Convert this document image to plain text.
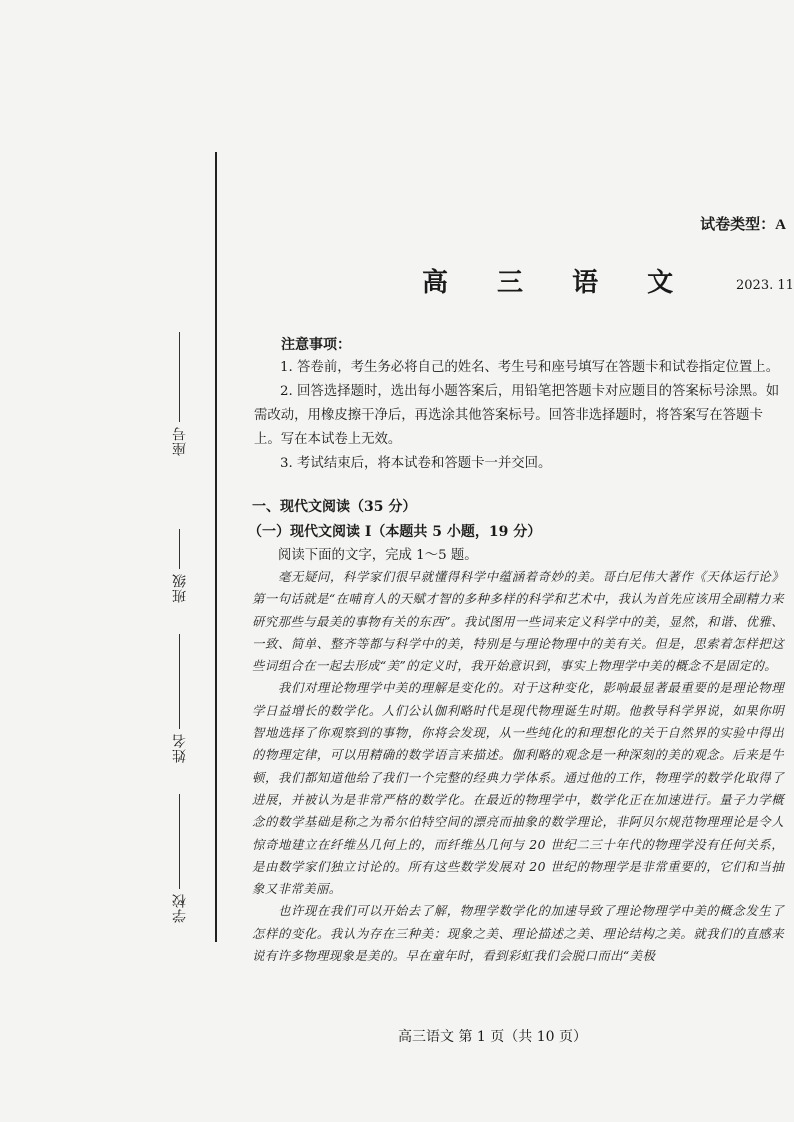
学校
姓名
班级
座号
试卷类型：A
高 三 语 文	2023. 11
注意事项：

1. 答卷前，考生务必将自己的姓名、考生号和座号填写在答题卡和试卷指定位置上。

2. 回答选择题时，选出每小题答案后，用铅笔把答题卡对应题目的答案标号涂黑。如需改动，用橡皮擦干净后，再选涂其他答案标号。回答非选择题时，将答案写在答题卡上。写在本试卷上无效。

3. 考试结束后，将本试卷和答题卡一并交回。

一、现代文阅读（35 分）
（一）现代文阅读 I（本题共 5 小题，19 分）
阅读下面的文字，完成 1～5 题。

毫无疑问，科学家们很早就懂得科学中蕴涵着奇妙的美。哥白尼伟大著作《天体运行论》第一句话就是“在哺育人的天赋才智的多种多样的科学和艺术中，我认为首先应该用全副精力来研究那些与最美的事物有关的东西”。我试图用一些词来定义科学中的美，显然，和谐、优雅、一致、简单、整齐等都与科学中的美，特别是与理论物理中的美有关。但是，思索着怎样把这些词组合在一起去形成“美”的定义时，我开始意识到，事实上物理学中美的概念不是固定的。

我们对理论物理学中美的理解是变化的。对于这种变化，影响最显著最重要的是理论物理学日益增长的数学化。人们公认伽利略时代是现代物理诞生时期。他教导科学界说，如果你明智地选择了你观察到的事物，你将会发现，从一些纯化的和理想化的关于自然界的实验中得出的物理定律，可以用精确的数学语言来描述。伽利略的观念是一种深刻的美的观念。后来是牛顿，我们都知道他给了我们一个完整的经典力学体系。通过他的工作，物理学的数学化取得了进展，并被认为是非常严格的数学化。在最近的物理学中，数学化正在加速进行。量子力学概念的数学基础是称之为希尔伯特空间的漂亮而抽象的数学理论，非阿贝尔规范物理理论是令人惊奇地建立在纤维丛几何上的，而纤维丛几何与 20 世纪二三十年代的物理学没有任何关系，是由数学家们独立讨论的。所有这些数学发展对 20 世纪的物理学是非常重要的，它们和当抽象又非常美丽。

也许现在我们可以开始去了解，物理学数学化的加速导致了理论物理学中美的概念发生了怎样的变化。我认为存在三种美：现象之美、理论描述之美、理论结构之美。就我们的直感来说有许多物理现象是美的。早在童年时，看到彩虹我们会脱口而出“美极

高三语文 第 1 页（共 10 页）
